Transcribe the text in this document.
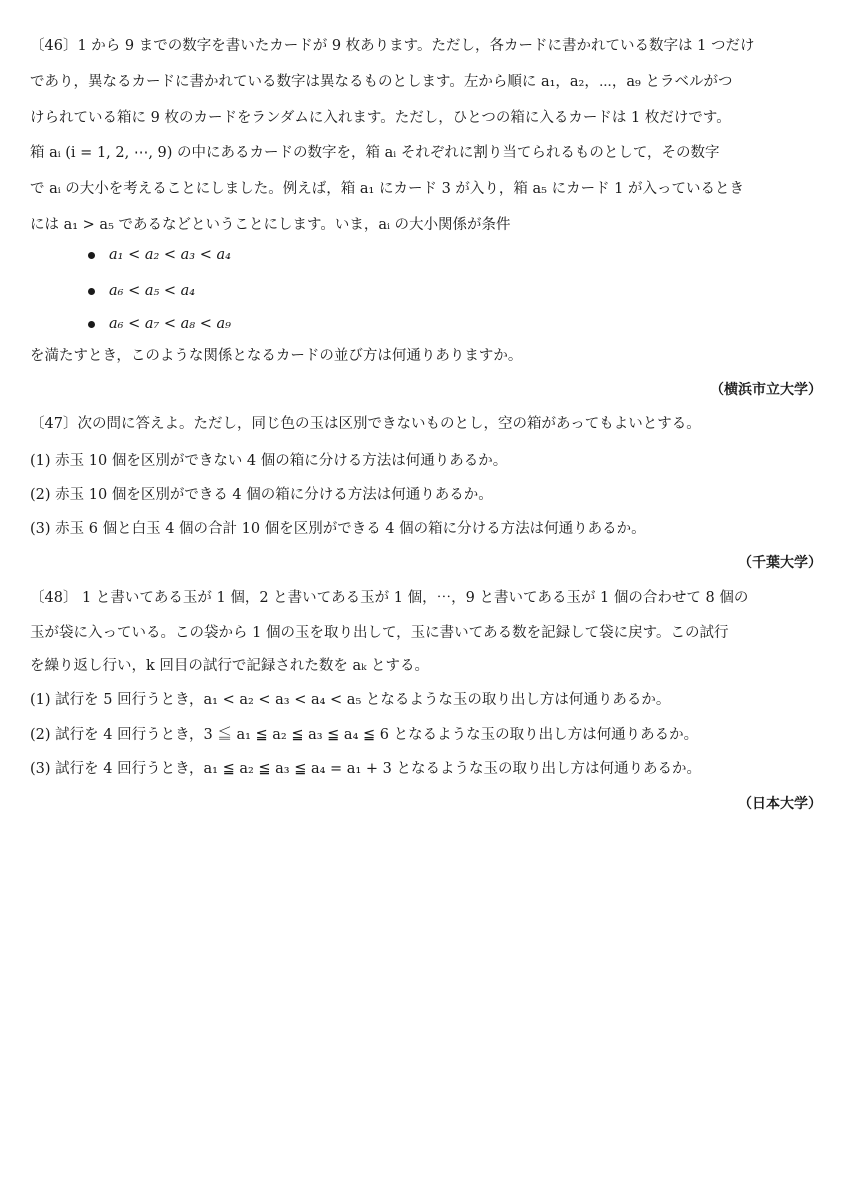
〔46〕1 から 9 までの数字を書いたカードが 9 枚あります。ただし，各カードに書かれている数字は 1 つだけ
であり，異なるカードに書かれている数字は異なるものとします。左から順に a₁，a₂，⋯，a₉ とラベルがつ
けられている箱に 9 枚のカードをランダムに入れます。ただし，ひとつの箱に入るカードは 1 枚だけです。
箱 aᵢ (i = 1, 2, ⋯, 9) の中にあるカードの数字を，箱 aᵢ それぞれに割り当てられるものとして，その数字
で aᵢ の大小を考えることにしました。例えば，箱 a₁ にカード 3 が入り，箱 a₅ にカード 1 が入っているとき
には a₁ > a₅ であるなどということにします。いま，aᵢ の大小関係が条件
a₁ < a₂ < a₃ < a₄
a₆ < a₅ < a₄
a₆ < a₇ < a₈ < a₉
を満たすとき，このような関係となるカードの並び方は何通りありますか。
（横浜市立大学）
〔47〕次の問に答えよ。ただし，同じ色の玉は区別できないものとし，空の箱があってもよいとする。
(1) 赤玉 10 個を区別ができない 4 個の箱に分ける方法は何通りあるか。
(2) 赤玉 10 個を区別ができる 4 個の箱に分ける方法は何通りあるか。
(3) 赤玉 6 個と白玉 4 個の合計 10 個を区別ができる 4 個の箱に分ける方法は何通りあるか。
（千葉大学）
〔48〕 1 と書いてある玉が 1 個，2 と書いてある玉が 1 個，⋯，9 と書いてある玉が 1 個の合わせて 8 個の
玉が袋に入っている。この袋から 1 個の玉を取り出して，玉に書いてある数を記録して袋に戻す。この試行
を繰り返し行い，k 回目の試行で記録された数を aₖ とする。
(1) 試行を 5 回行うとき，a₁ < a₂ < a₃ < a₄ < a₅ となるような玉の取り出し方は何通りあるか。
(2) 試行を 4 回行うとき，3 ≦ a₁ ≦ a₂ ≦ a₃ ≦ a₄ ≦ 6 となるような玉の取り出し方は何通りあるか。
(3) 試行を 4 回行うとき，a₁ ≦ a₂ ≦ a₃ ≦ a₄ = a₁ + 3 となるような玉の取り出し方は何通りあるか。
（日本大学）
